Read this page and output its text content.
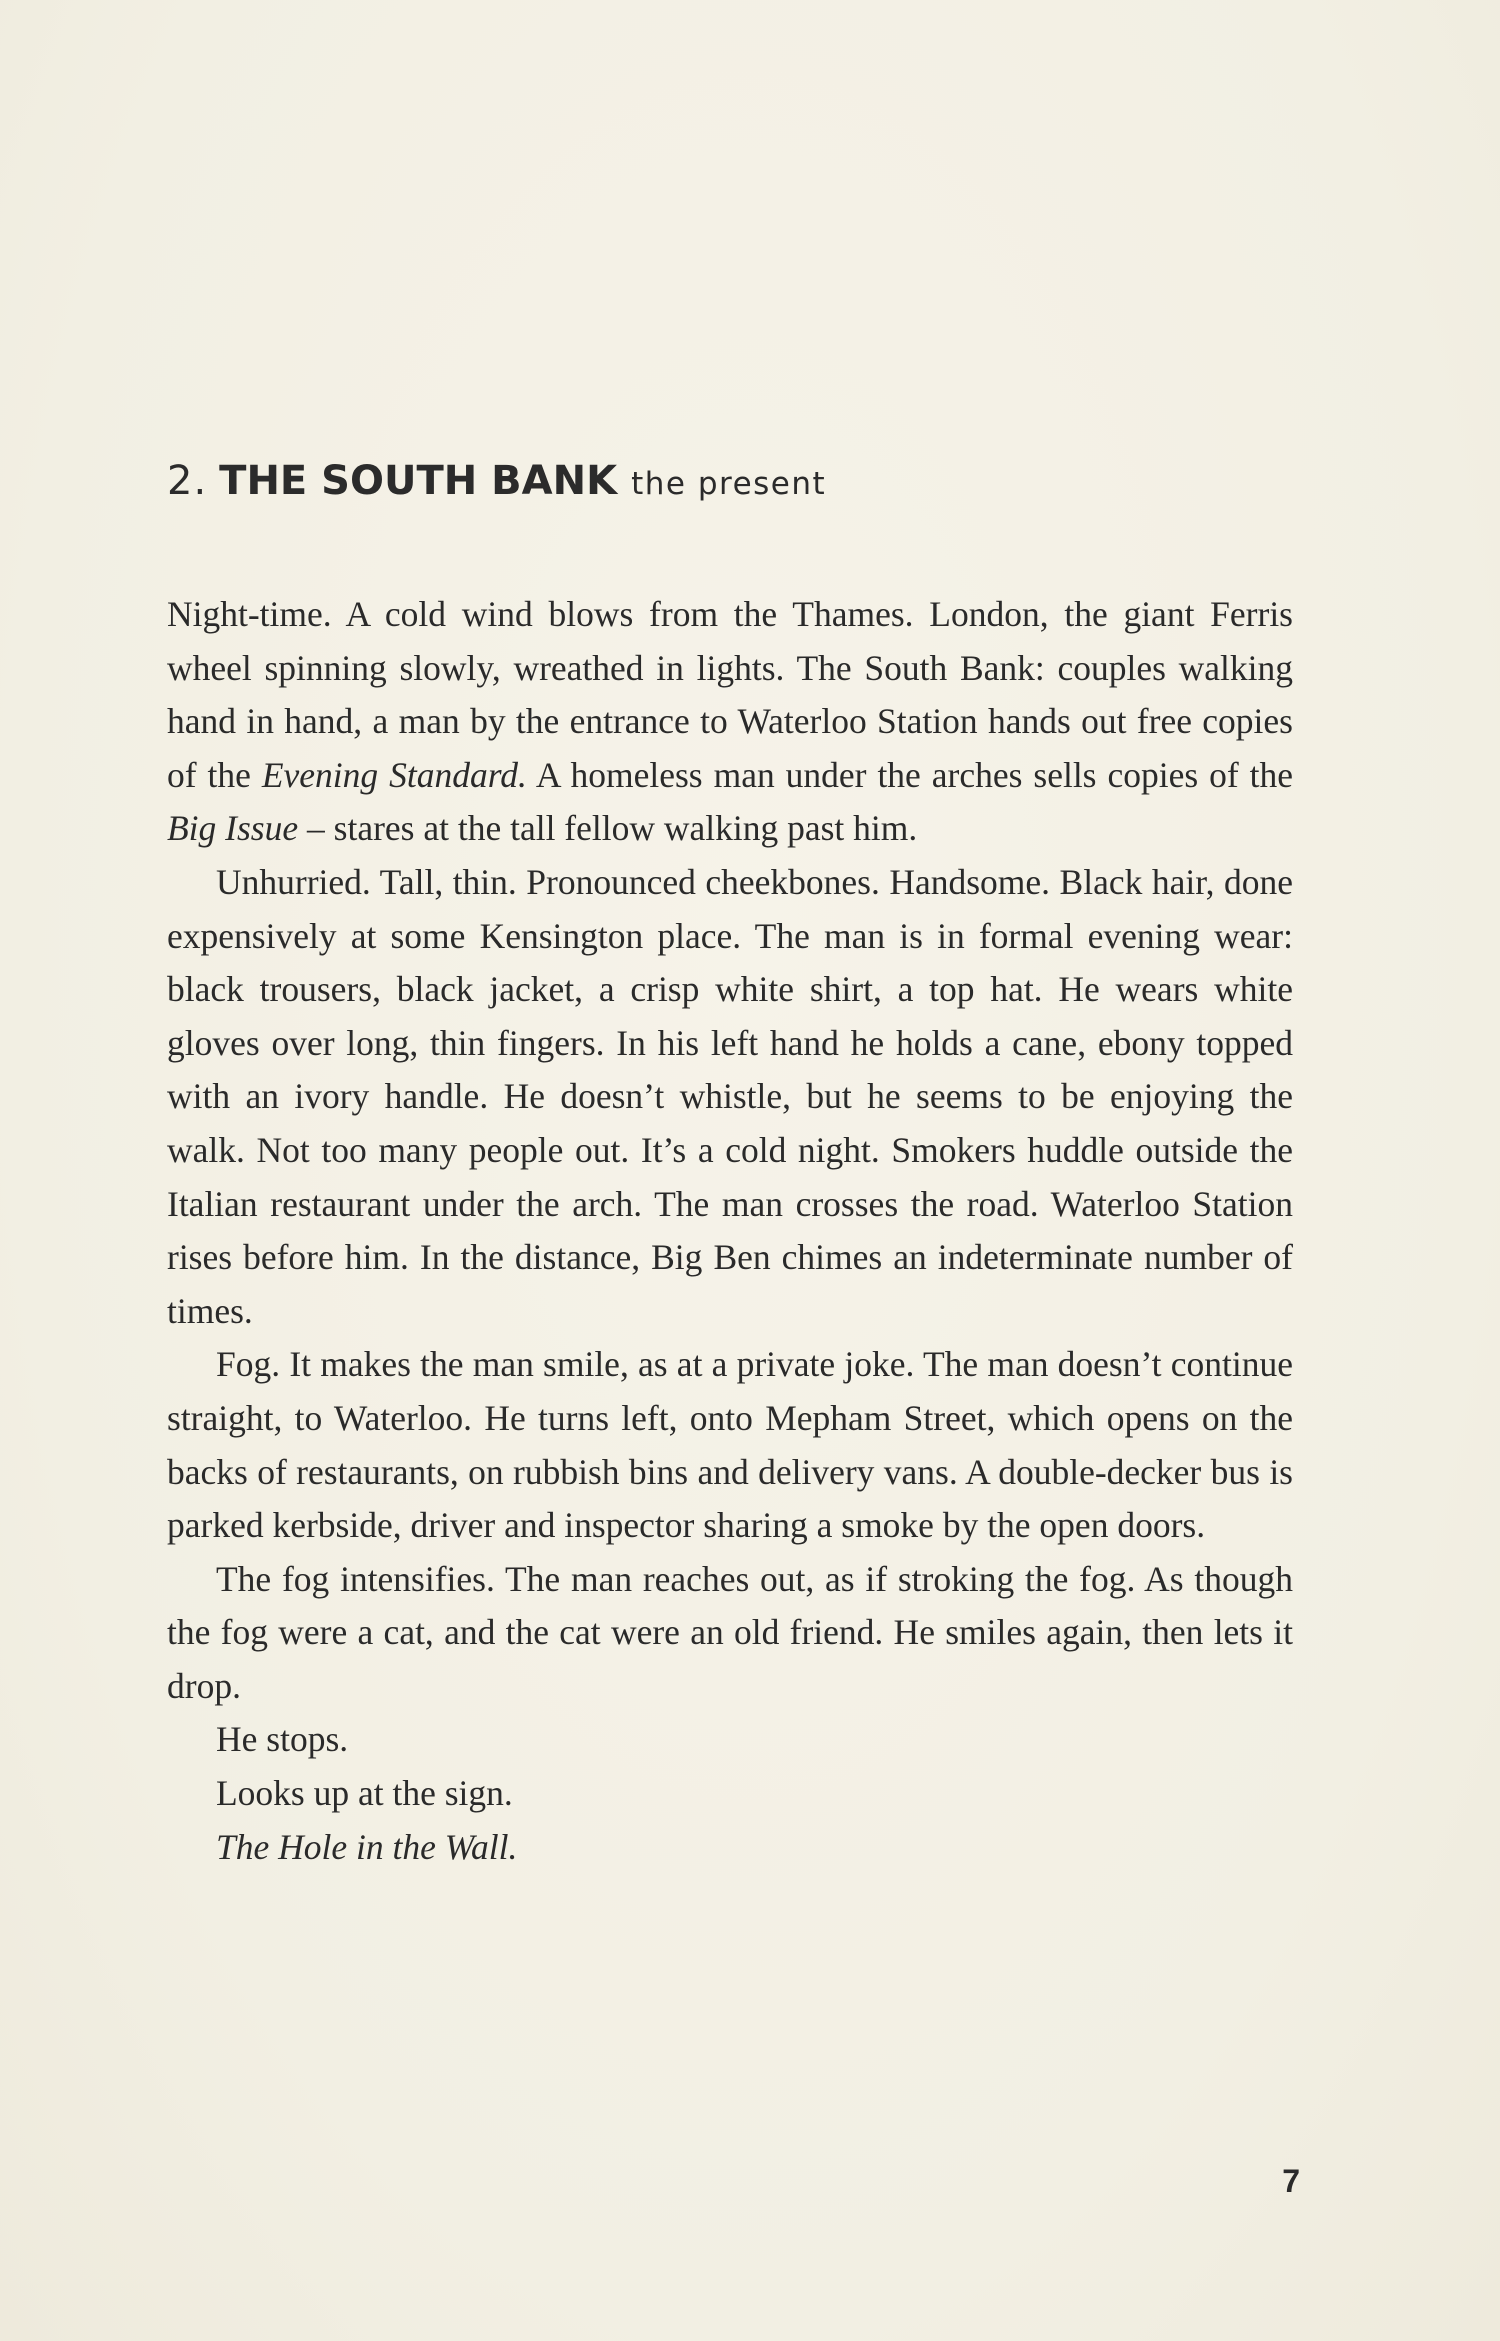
2. THE SOUTH BANK the present

Night-time. A cold wind blows from the Thames. London, the giant Ferris wheel spinning slowly, wreathed in lights. The South Bank: couples walking hand in hand, a man by the entrance to Waterloo Station hands out free copies of the Evening Standard. A homeless man under the arches sells copies of the Big Issue – stares at the tall fellow walking past him.

Unhurried. Tall, thin. Pronounced cheekbones. Handsome. Black hair, done expensively at some Kensington place. The man is in formal evening wear: black trousers, black jacket, a crisp white shirt, a top hat. He wears white gloves over long, thin fingers. In his left hand he holds a cane, ebony topped with an ivory handle. He doesn’t whistle, but he seems to be enjoying the walk. Not too many people out. It’s a cold night. Smokers huddle outside the Italian restaurant under the arch. The man crosses the road. Waterloo Station rises before him. In the distance, Big Ben chimes an indeterminate number of times.

Fog. It makes the man smile, as at a private joke. The man doesn’t continue straight, to Waterloo. He turns left, onto Mepham Street, which opens on the backs of restaurants, on rubbish bins and delivery vans. A double-decker bus is parked kerbside, driver and inspector sharing a smoke by the open doors.

The fog intensifies. The man reaches out, as if stroking the fog. As though the fog were a cat, and the cat were an old friend. He smiles again, then lets it drop.

He stops.

Looks up at the sign.

The Hole in the Wall.

7
